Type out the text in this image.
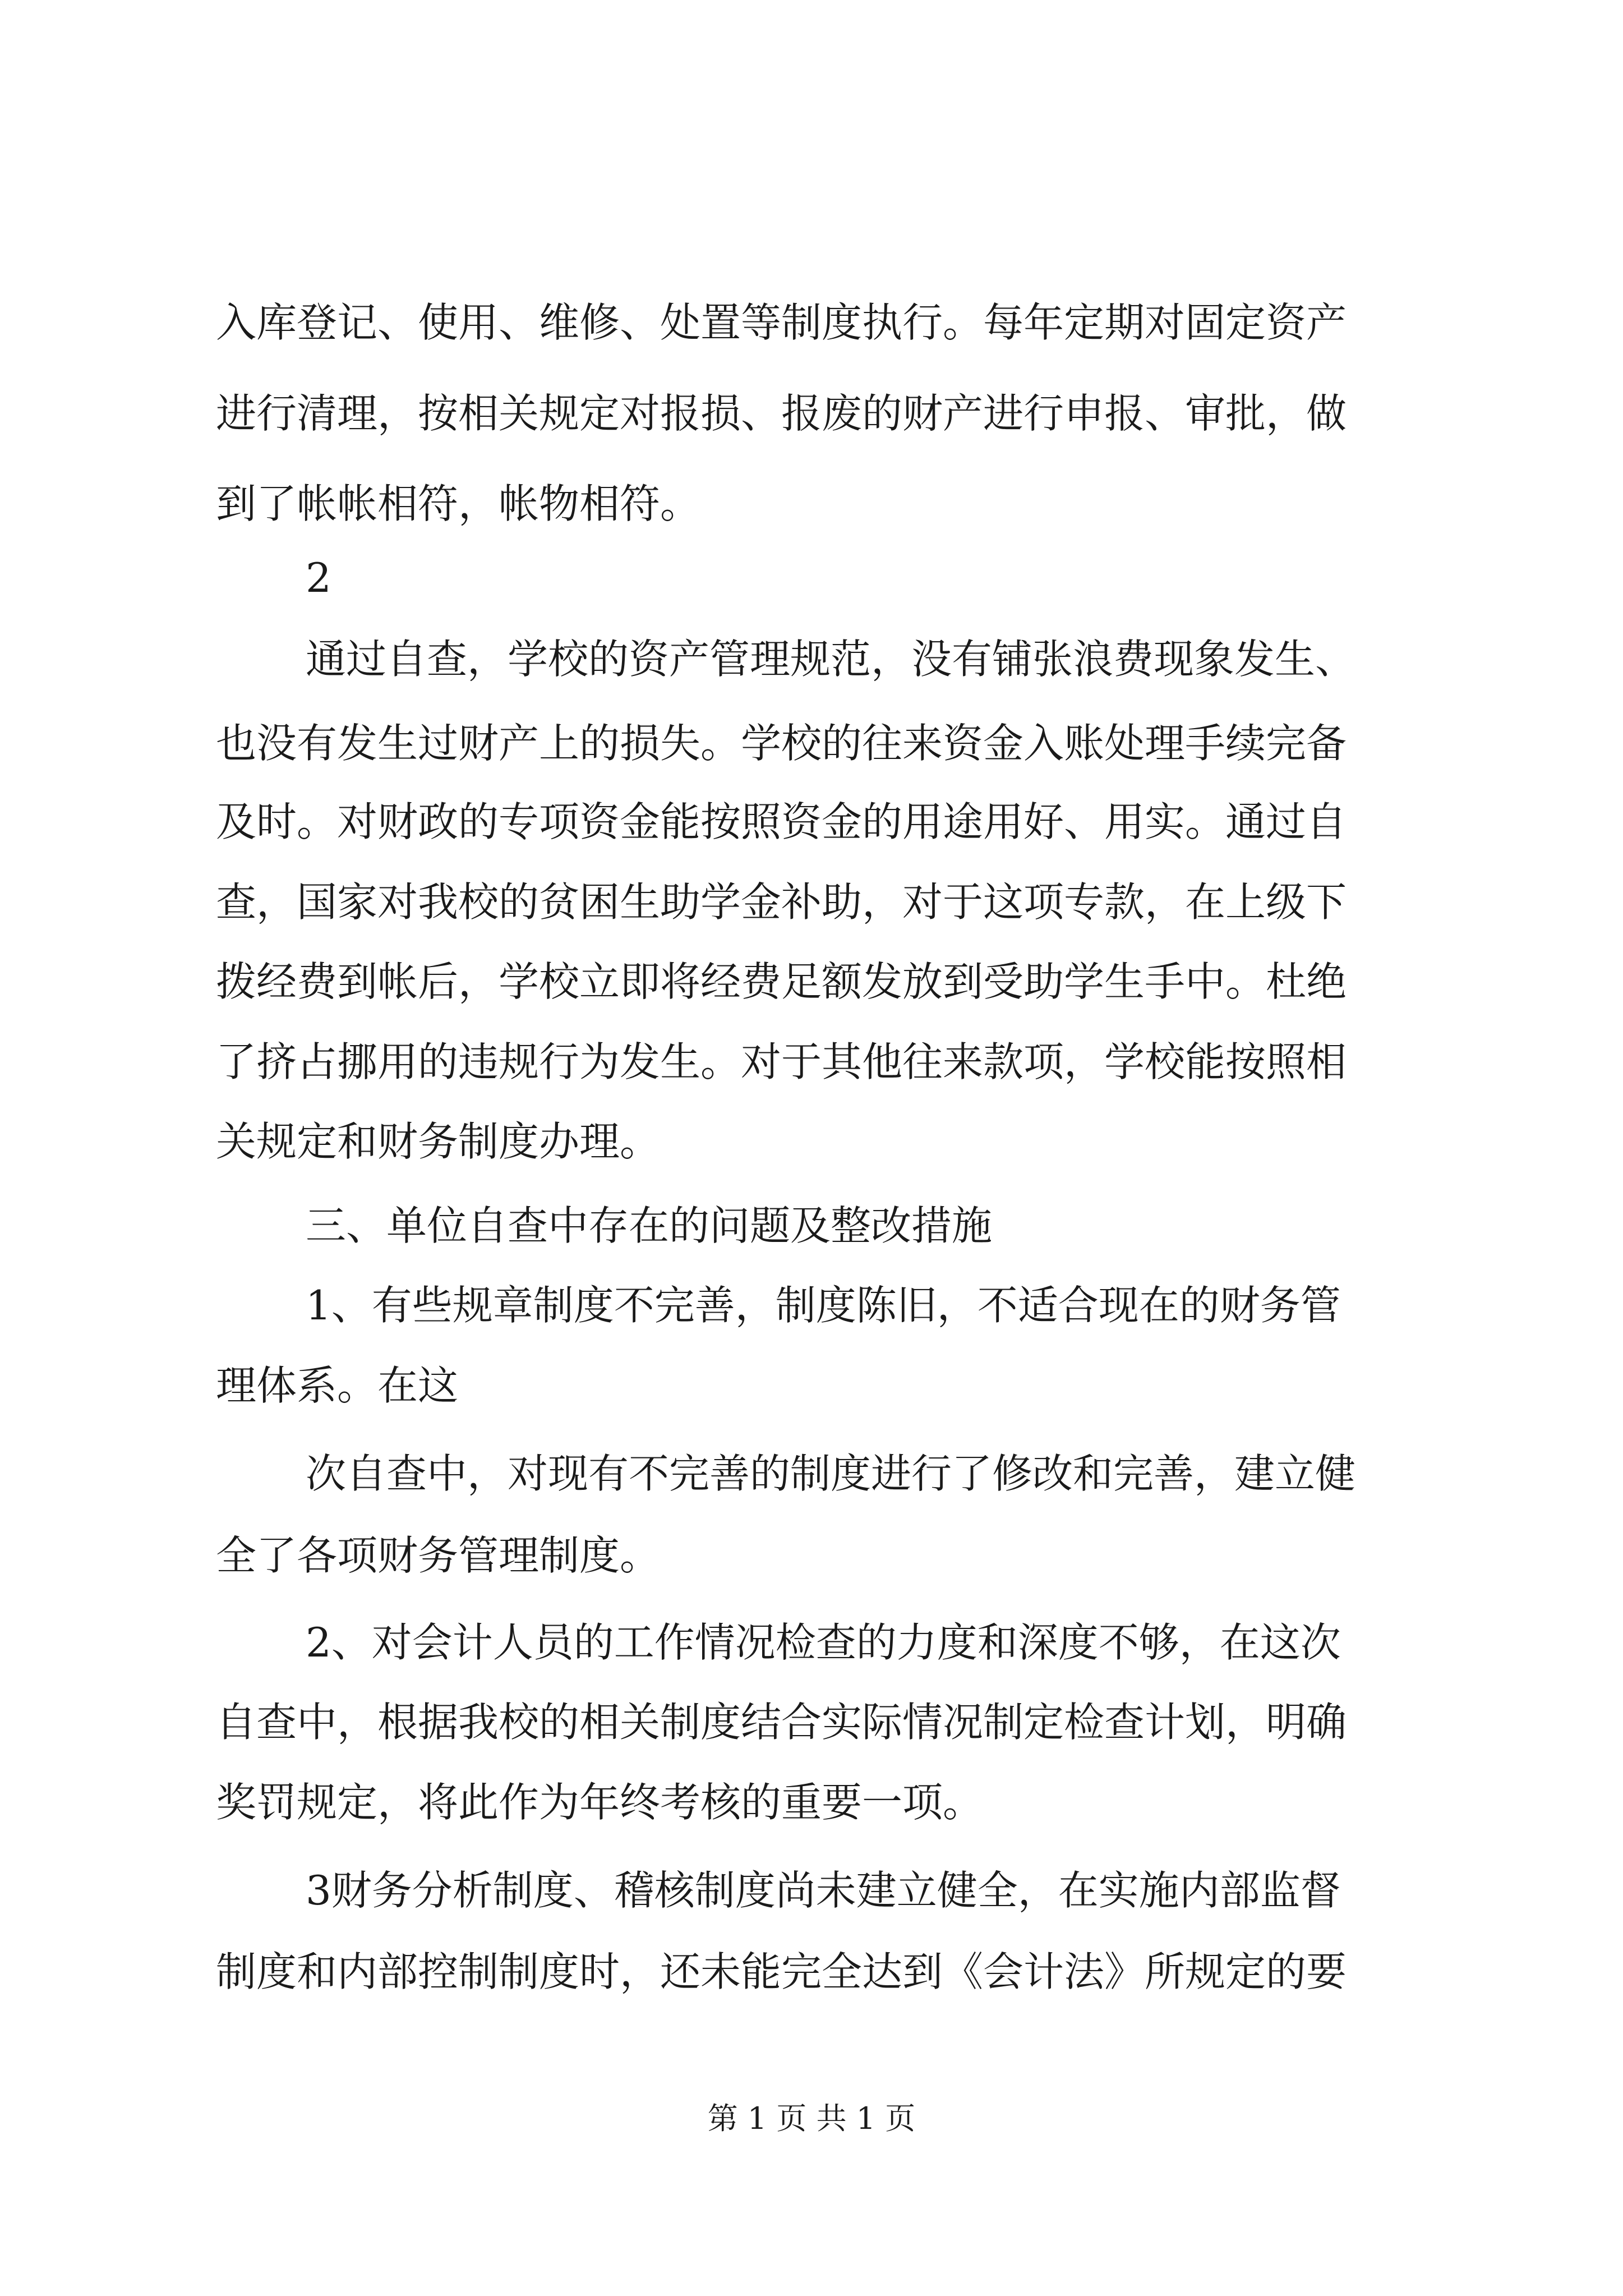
入库登记、使用、维修、处置等制度执行。每年定期对固定资产
进行清理，按相关规定对报损、报废的财产进行申报、审批，做
到了帐帐相符，帐物相符。
2
通过自查，学校的资产管理规范，没有铺张浪费现象发生、
也没有发生过财产上的损失。学校的往来资金入账处理手续完备
及时。对财政的专项资金能按照资金的用途用好、用实。通过自
查，国家对我校的贫困生助学金补助，对于这项专款，在上级下
拨经费到帐后，学校立即将经费足额发放到受助学生手中。杜绝
了挤占挪用的违规行为发生。对于其他往来款项，学校能按照相
关规定和财务制度办理。
三、单位自查中存在的问题及整改措施
1、有些规章制度不完善，制度陈旧，不适合现在的财务管
理体系。在这
次自查中，对现有不完善的制度进行了修改和完善，建立健
全了各项财务管理制度。
2、对会计人员的工作情况检查的力度和深度不够，在这次
自查中，根据我校的相关制度结合实际情况制定检查计划，明确
奖罚规定，将此作为年终考核的重要一项。
3财务分析制度、稽核制度尚未建立健全，在实施内部监督
制度和内部控制制度时，还未能完全达到《会计法》所规定的要
第 1 页 共 1 页
